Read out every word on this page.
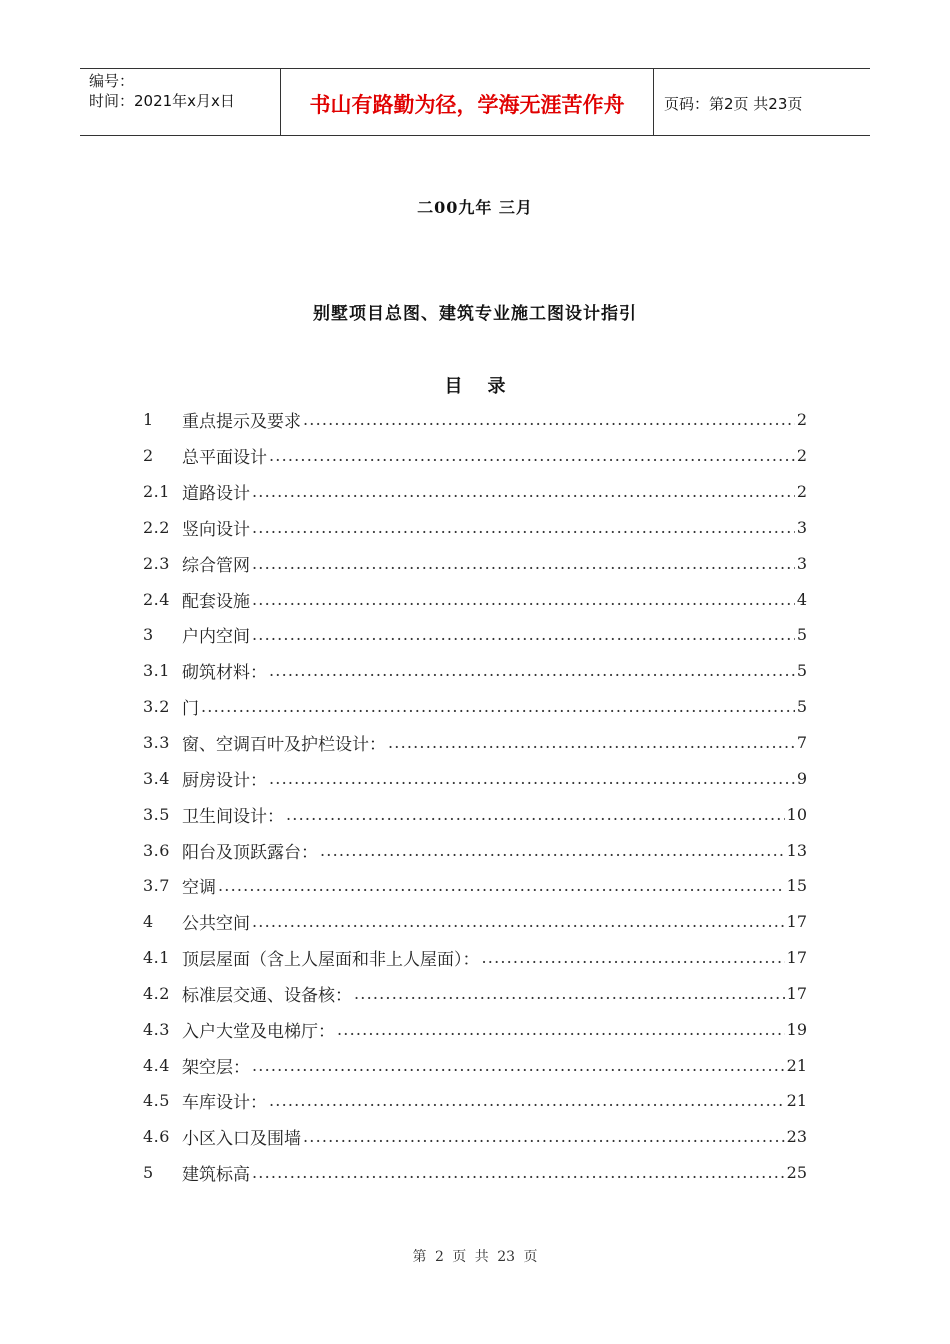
编号：
时间：2021年x月x日	书山有路勤为径，学海无涯苦作舟	页码：第2页 共23页
二00九年 三月
别墅项目总图、建筑专业施工图设计指引
目    录
1	重点提示及要求 .....	2
2	总平面设计 .....	2
2.1 道路设计 .....	2
2.2 竖向设计 .....	3
2.3 综合管网 .....	3
2.4 配套设施 .....	4
3	户内空间 .....	5
3.1 砌筑材料： .....	5
3.2 门 .....	5
3.3 窗、空调百叶及护栏设计： .....	7
3.4 厨房设计： .....	9
3.5 卫生间设计： .....	10
3.6 阳台及顶跃露台： .....	13
3.7 空调 .....	15
4	公共空间 .....	17
4.1 顶层屋面（含上人屋面和非上人屋面）： .....	17
4.2 标准层交通、设备核： .....	17
4.3 入户大堂及电梯厅： .....	19
4.4 架空层： .....	21
4.5 车库设计： .....	21
4.6 小区入口及围墙 .....	23
5	建筑标高 .....	25
第 2 页 共 23 页
